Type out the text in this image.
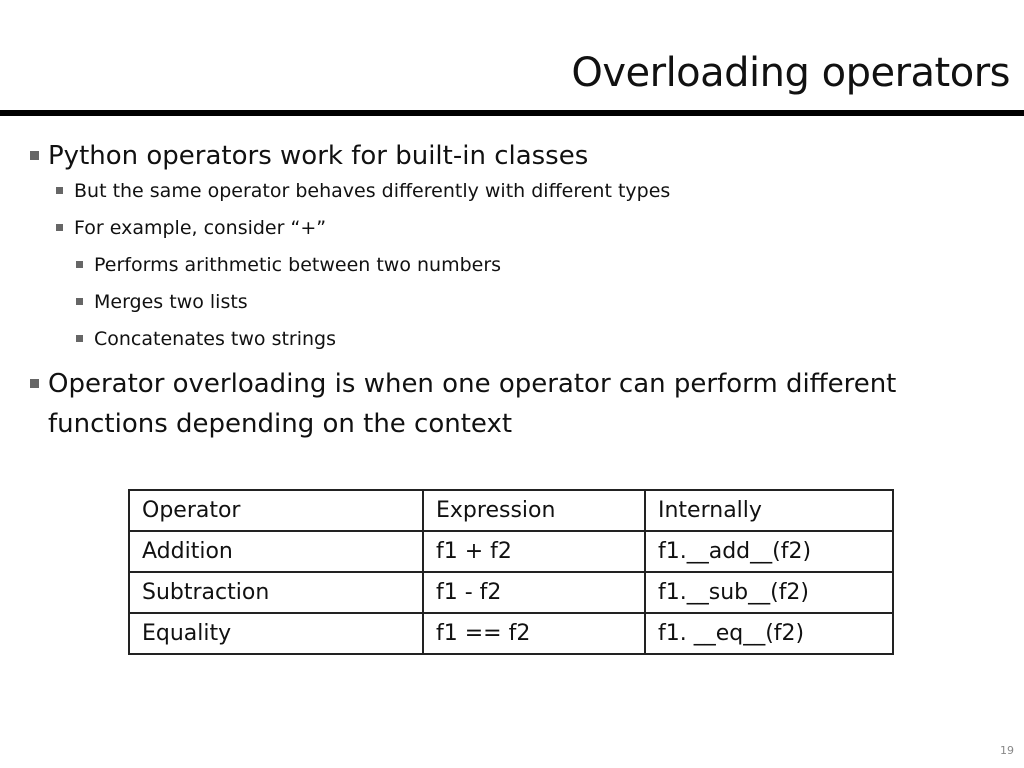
Overloading operators
Python operators work for built-in classes
But the same operator behaves differently with different types
For example, consider “+”
Performs arithmetic between two numbers
Merges two lists
Concatenates two strings
Operator overloading is when one operator can perform different functions depending on the context
Operator	Expression	Internally
Addition	f1 + f2	f1.__add__(f2)
Subtraction	f1 - f2	f1.__sub__(f2)
Equality	f1 == f2	f1. __eq__(f2)
19
